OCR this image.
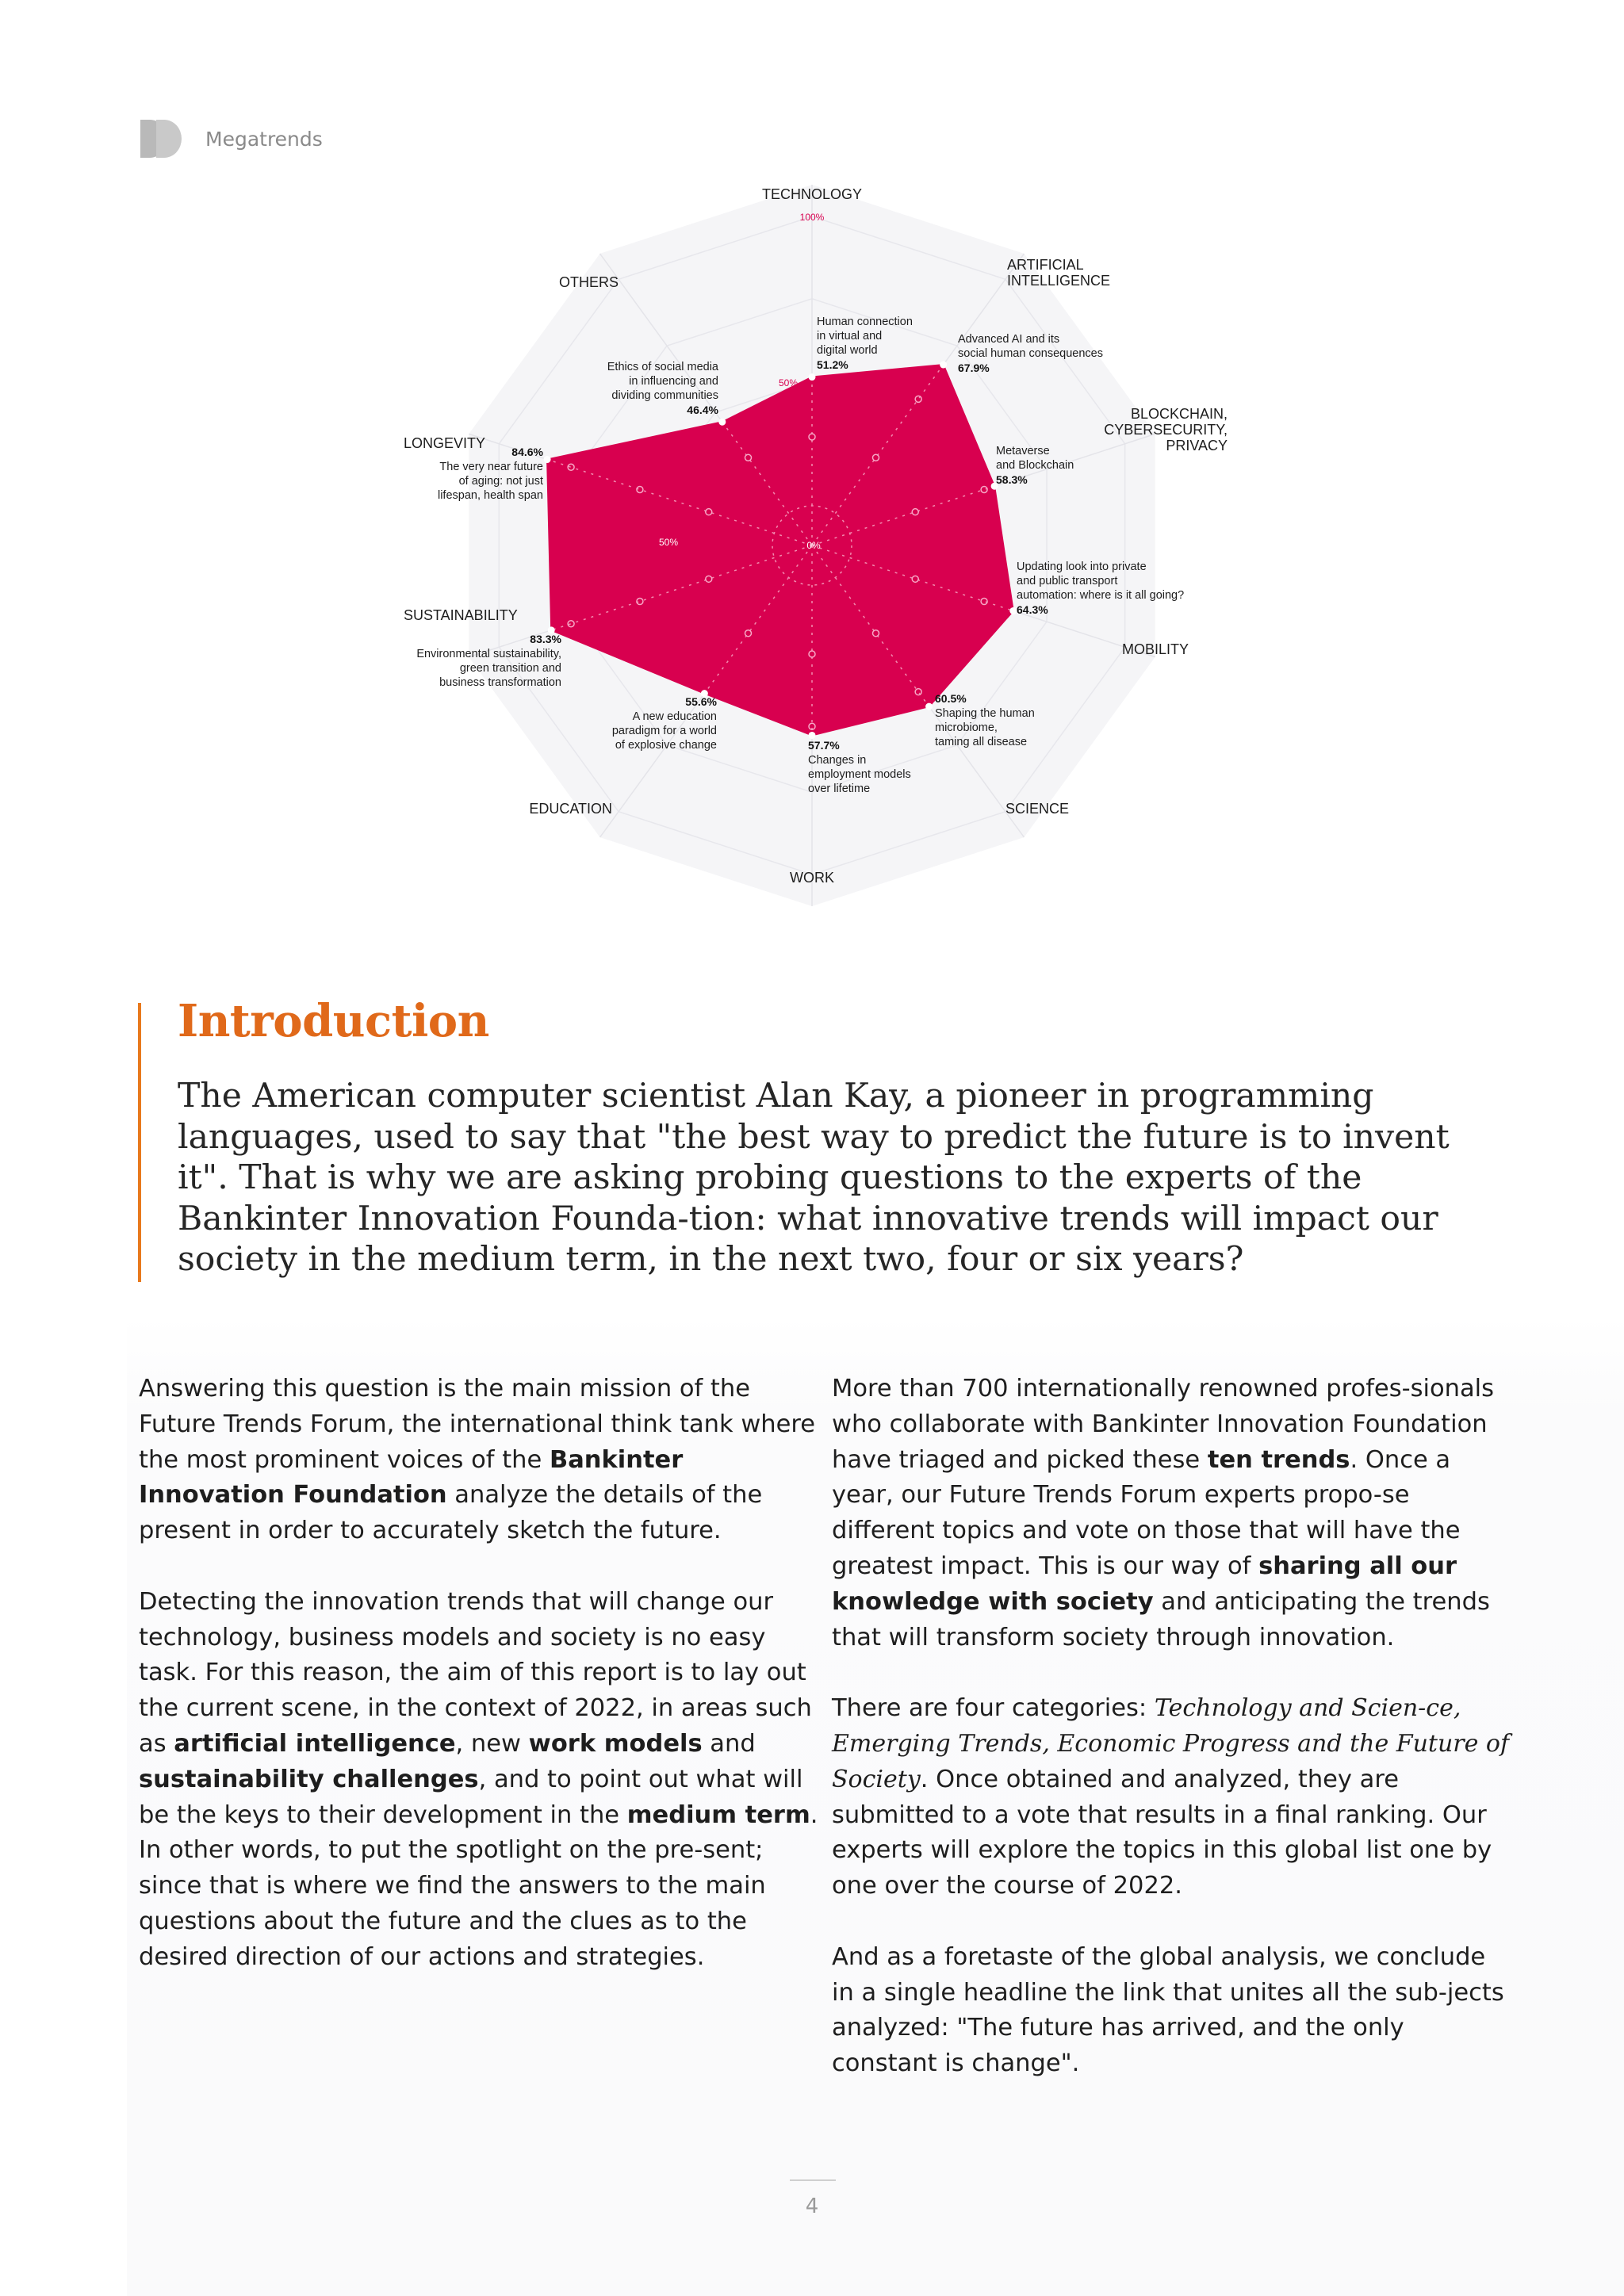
Megatrends
0%
50%
50%
100%
TECHNOLOGY
ARTIFICIAL
INTELLIGENCE
BLOCKCHAIN,
CYBERSECURITY,
PRIVACY
MOBILITY
SCIENCE
WORK
EDUCATION
SUSTAINABILITY
LONGEVITY
OTHERS
Human connection
in virtual and
digital world
51.2%
Advanced AI and its
social human consequences
67.9%
Metaverse
and Blockchain
58.3%
Updating look into private
and public transport
automation: where is it all going?
64.3%
60.5%
Shaping the human
microbiome,
taming all disease
57.7%
Changes in
employment models
over lifetime
55.6%
A new education
paradigm for a world
of explosive change
83.3%
Environmental sustainability,
green transition and
business transformation
84.6%
The very near future
of aging: not just
lifespan, health span
Ethics of social media
in influencing and
dividing communities
46.4%
Introduction

The American computer scientist Alan Kay, a pioneer in programming languages, used to say that "the best way to predict the future is to invent it". That is why we are asking probing questions to the experts of the Bankinter Innovation Founda-tion: what innovative trends will impact our society in the medium term, in the next two, four or six years?

Answering this question is the main mission of the Future Trends Forum, the international think tank where the most prominent voices of the Bankinter Innovation Foundation analyze the details of the present in order to accurately sketch the future.

Detecting the innovation trends that will change our technology, business models and society is no easy task. For this reason, the aim of this report is to lay out the current scene, in the context of 2022, in areas such as artificial intelligence, new work models and sustainability challenges, and to point out what will be the keys to their development in the medium term. In other words, to put the spotlight on the pre-sent; since that is where we find the answers to the main questions about the future and the clues as to the desired direction of our actions and strategies.

More than 700 internationally renowned profes-sionals who collaborate with Bankinter Innovation Foundation have triaged and picked these ten trends. Once a year, our Future Trends Forum experts propo-se different topics and vote on those that will have the greatest impact. This is our way of sharing all our knowledge with society and anticipating the trends that will transform society through innovation.

There are four categories: Technology and Scien-ce, Emerging Trends, Economic Progress and the Future of Society. Once obtained and analyzed, they are submitted to a vote that results in a final ranking. Our experts will explore the topics in this global list one by one over the course of 2022.

And as a foretaste of the global analysis, we conclude in a single headline the link that unites all the sub-jects analyzed: "The future has arrived, and the only constant is change".

4
